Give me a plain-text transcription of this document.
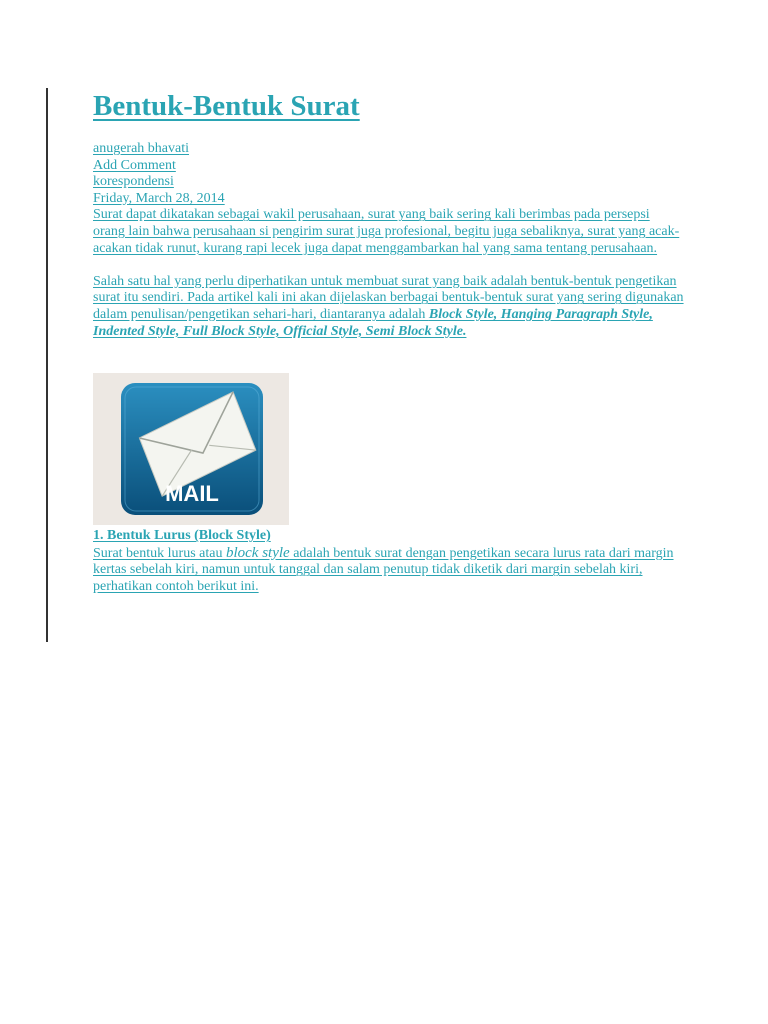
Bentuk-Bentuk Surat
anugerah bhavati
Add Comment
korespondensi
Friday, March 28, 2014

Surat dapat dikatakan sebagai wakil perusahaan, surat yang baik sering kali berimbas pada persepsi orang lain bahwa perusahaan si pengirim surat juga profesional, begitu juga sebaliknya, surat yang acak-acakan tidak runut, kurang rapi lecek juga dapat menggambarkan hal yang sama tentang perusahaan.

Salah satu hal yang perlu diperhatikan untuk membuat surat yang baik adalah bentuk-bentuk pengetikan surat itu sendiri. Pada artikel kali ini akan dijelaskan berbagai bentuk-bentuk surat yang sering digunakan dalam penulisan/pengetikan sehari-hari, diantaranya adalah Block Style, Hanging Paragraph Style, Indented Style, Full Block Style, Official Style, Semi Block Style.

MAIL

1. Bentuk Lurus (Block Style)

Surat bentuk lurus atau block style adalah bentuk surat dengan pengetikan secara lurus rata dari margin kertas sebelah kiri, namun untuk tanggal dan salam penutup tidak diketik dari margin sebelah kiri, perhatikan contoh berikut ini.
